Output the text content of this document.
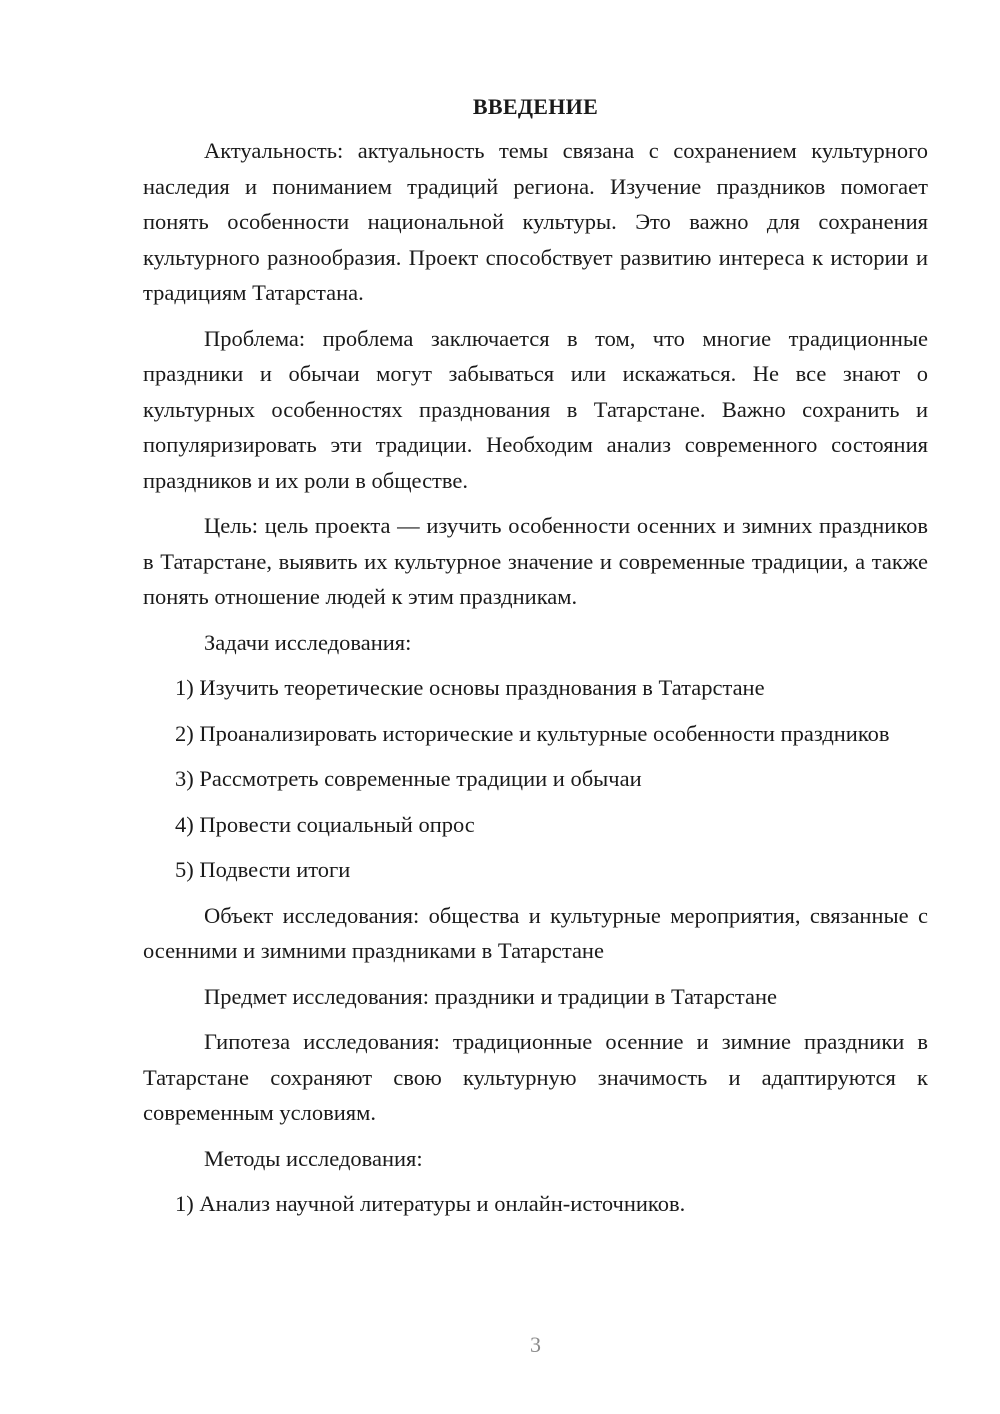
ВВЕДЕНИЕ

Актуальность: актуальность темы связана с сохранением культурного наследия и пониманием традиций региона. Изучение праздников помогает понять особенности национальной культуры. Это важно для сохранения культурного разнообразия. Проект способствует развитию интереса к истории и традициям Татарстана.

Проблема: проблема заключается в том, что многие традиционные праздники и обычаи могут забываться или искажаться. Не все знают о культурных особенностях празднования в Татарстане. Важно сохранить и популяризировать эти традиции. Необходим анализ современного состояния праздников и их роли в обществе.

Цель: цель проекта — изучить особенности осенних и зимних праздников в Татарстане, выявить их культурное значение и современные традиции, а также понять отношение людей к этим праздникам.

Задачи исследования:

1) Изучить теоретические основы празднования в Татарстане

2) Проанализировать исторические и культурные особенности праздников

3) Рассмотреть современные традиции и обычаи

4) Провести социальный опрос

5) Подвести итоги

Объект исследования: общества и культурные мероприятия, связанные с осенними и зимними праздниками в Татарстане

Предмет исследования: праздники и традиции в Татарстане

Гипотеза исследования: традиционные осенние и зимние праздники в Татарстане сохраняют свою культурную значимость и адаптируются к современным условиям.

Методы исследования:

1) Анализ научной литературы и онлайн-источников.

3
